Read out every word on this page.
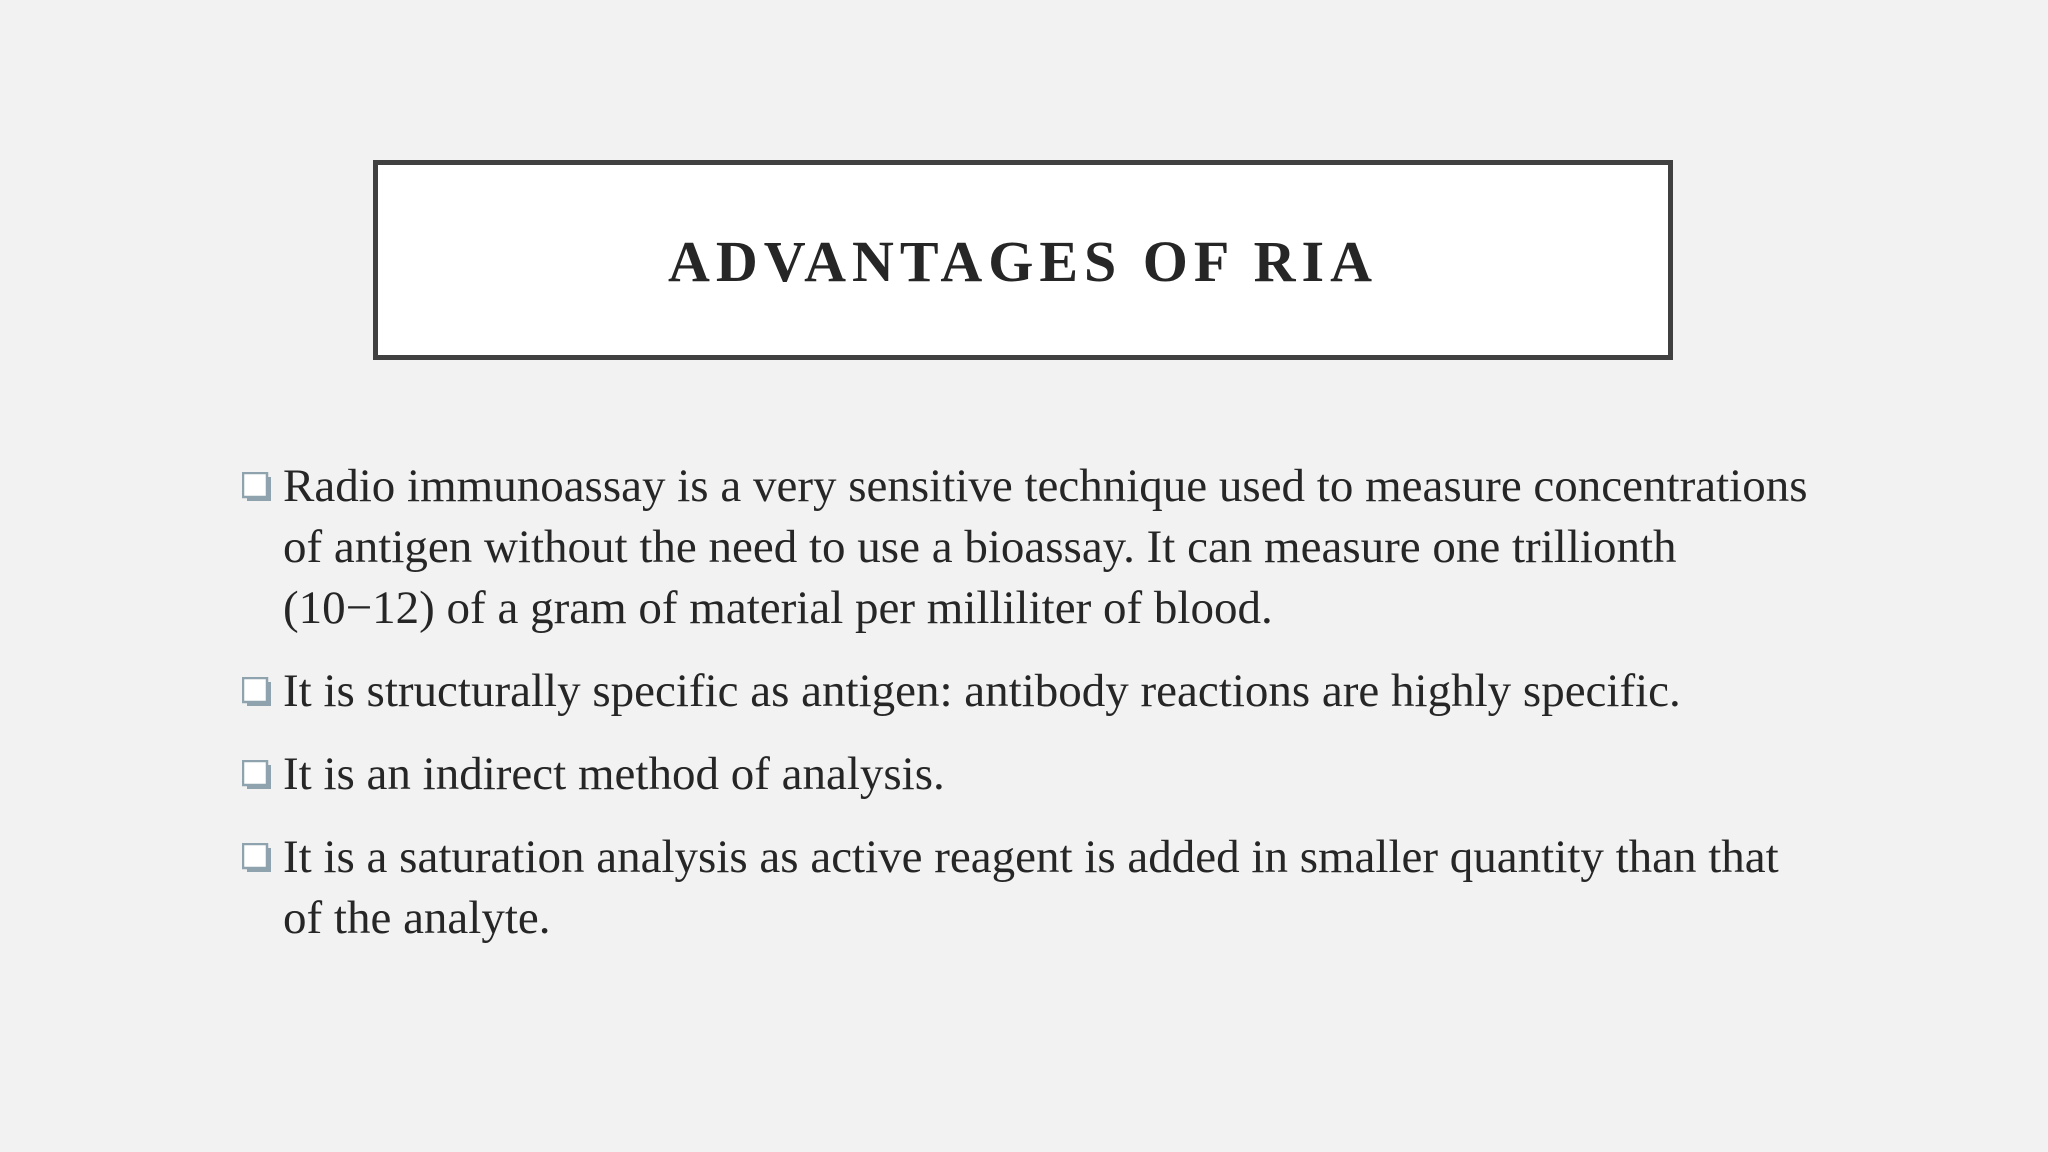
ADVANTAGES OF RIA
Radio immunoassay is a very sensitive technique used to measure concentrations of antigen without the need to use a bioassay. It can measure one trillionth (10−12) of a gram of material per milliliter of blood.
It is structurally specific as antigen: antibody reactions are highly specific.
It is an indirect method of analysis.
It is a saturation analysis as active reagent is added in smaller quantity than that of the analyte.
